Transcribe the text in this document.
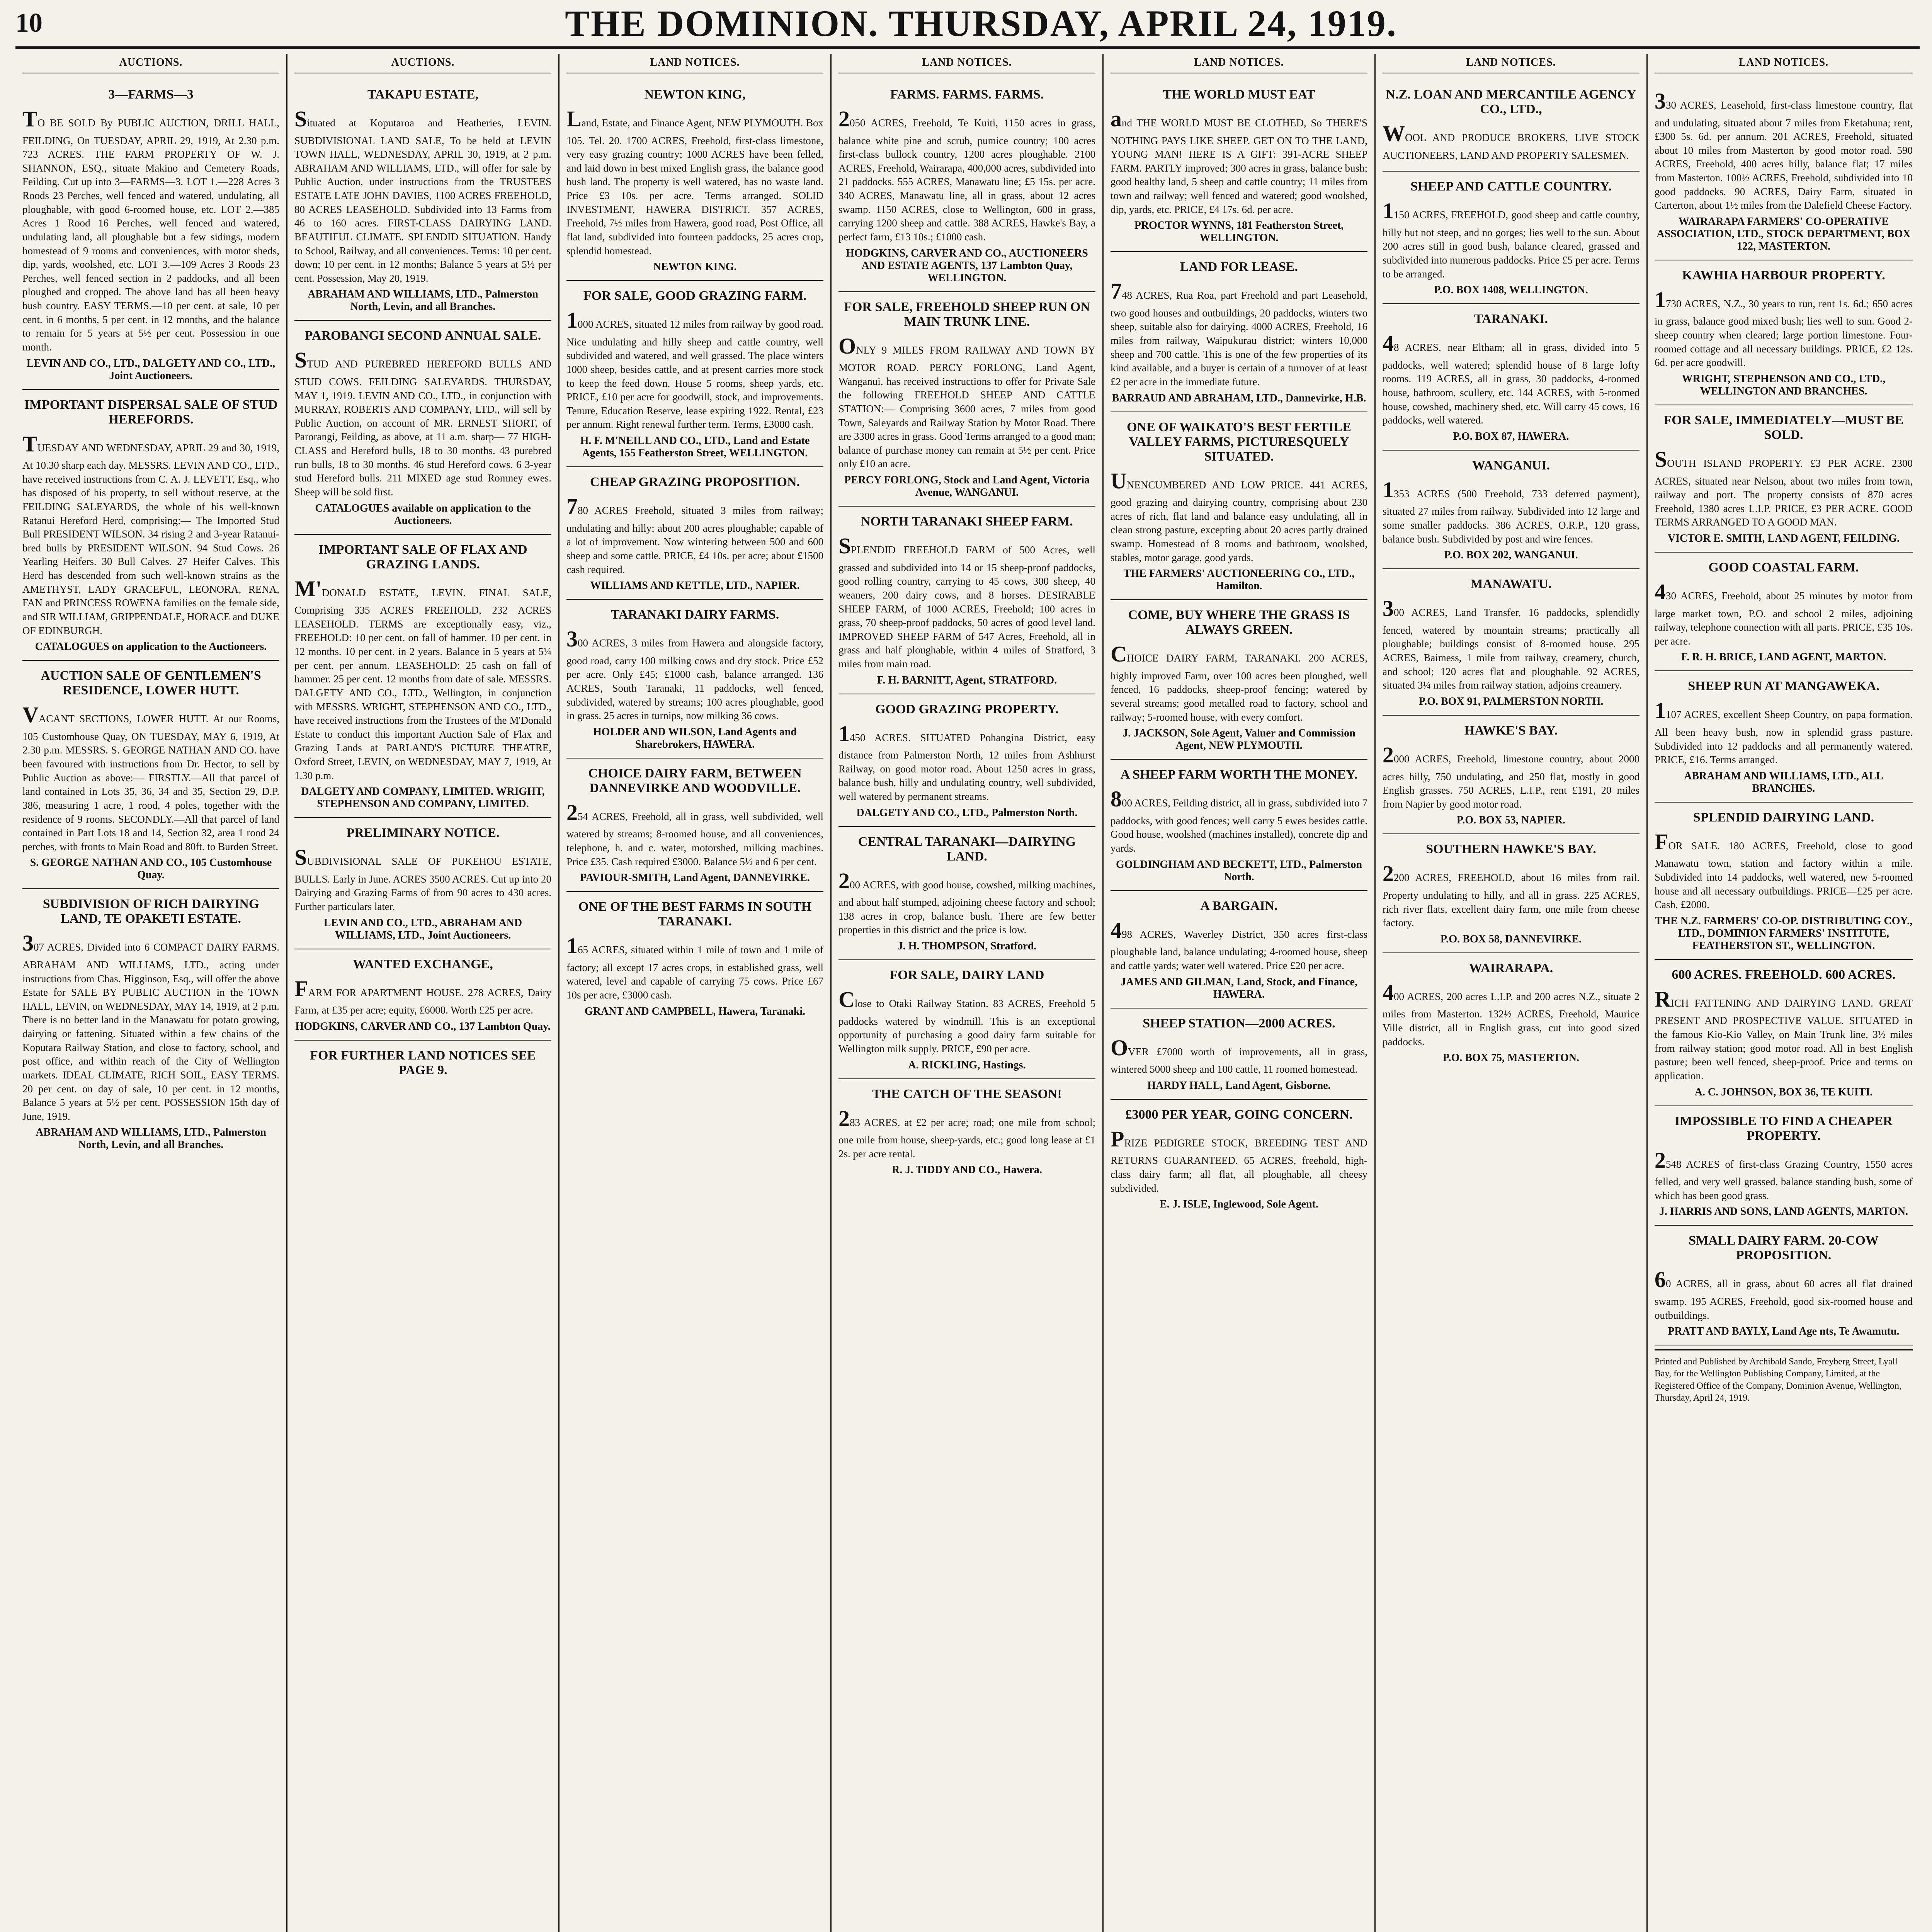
10	THE DOMINION. THURSDAY, APRIL 24, 1919.
AUCTIONS.
3—FARMS—3
TO BE SOLD By PUBLIC AUCTION, DRILL HALL, FEILDING, On TUESDAY, APRIL 29, 1919, At 2.30 p.m. 723 ACRES. THE FARM PROPERTY OF W. J. SHANNON, ESQ., situate Makino and Cemetery Roads, Feilding. Cut up into 3—FARMS—3. LOT 1.—228 Acres 3 Roods 23 Perches, well fenced and watered, undulating, all ploughable, with good 6-roomed house, etc. LOT 2.—385 Acres 1 Rood 16 Perches, well fenced and watered, undulating land, all ploughable but a few sidings, modern homestead of 9 rooms and conveniences, with motor sheds, dip, yards, woolshed, etc. LOT 3.—109 Acres 3 Roods 23 Perches, well fenced section in 2 paddocks, and all been ploughed and cropped. The above land has all been heavy bush country. EASY TERMS.—10 per cent. at sale, 10 per cent. in 6 months, 5 per cent. in 12 months, and the balance to remain for 5 years at 5½ per cent. Possession in one month.
LEVIN AND CO., LTD., DALGETY AND CO., LTD., Joint Auctioneers.
IMPORTANT DISPERSAL SALE OF STUD HEREFORDS.
TUESDAY AND WEDNESDAY, APRIL 29 and 30, 1919, At 10.30 sharp each day. MESSRS. LEVIN AND CO., LTD., have received instructions from C. A. J. LEVETT, Esq., who has disposed of his property, to sell without reserve, at the FEILDING SALEYARDS, the whole of his well-known Ratanui Hereford Herd, comprising:— The Imported Stud Bull PRESIDENT WILSON. 34 rising 2 and 3-year Ratanui-bred bulls by PRESIDENT WILSON. 94 Stud Cows. 26 Yearling Heifers. 30 Bull Calves. 27 Heifer Calves. This Herd has descended from such well-known strains as the AMETHYST, LADY GRACEFUL, LEONORA, RENA, FAN and PRINCESS ROWENA families on the female side, and SIR WILLIAM, GRIPPENDALE, HORACE and DUKE OF EDINBURGH.
CATALOGUES on application to the Auctioneers.
AUCTION SALE OF GENTLEMEN'S RESIDENCE, LOWER HUTT.
VACANT SECTIONS, LOWER HUTT. At our Rooms, 105 Customhouse Quay, ON TUESDAY, MAY 6, 1919, At 2.30 p.m. MESSRS. S. GEORGE NATHAN AND CO. have been favoured with instructions from Dr. Hector, to sell by Public Auction as above:— FIRSTLY.—All that parcel of land contained in Lots 35, 36, 34 and 35, Section 29, D.P. 386, measuring 1 acre, 1 rood, 4 poles, together with the residence of 9 rooms. SECONDLY.—All that parcel of land contained in Part Lots 18 and 14, Section 32, area 1 rood 24 perches, with fronts to Main Road and 80ft. to Burden Street.
S. GEORGE NATHAN AND CO., 105 Customhouse Quay.
SUBDIVISION OF RICH DAIRYING LAND, TE OPAKETI ESTATE.
307 ACRES, Divided into 6 COMPACT DAIRY FARMS. ABRAHAM AND WILLIAMS, LTD., acting under instructions from Chas. Higginson, Esq., will offer the above Estate for SALE BY PUBLIC AUCTION in the TOWN HALL, LEVIN, on WEDNESDAY, MAY 14, 1919, at 2 p.m. There is no better land in the Manawatu for potato growing, dairying or fattening. Situated within a few chains of the Koputara Railway Station, and close to factory, school, and post office, and within reach of the City of Wellington markets. IDEAL CLIMATE, RICH SOIL, EASY TERMS. 20 per cent. on day of sale, 10 per cent. in 12 months, Balance 5 years at 5½ per cent. POSSESSION 15th day of June, 1919.
ABRAHAM AND WILLIAMS, LTD., Palmerston North, Levin, and all Branches.
AUCTIONS.
TAKAPU ESTATE,
Situated at Koputaroa and Heatheries, LEVIN. SUBDIVISIONAL LAND SALE, To be held at LEVIN TOWN HALL, WEDNESDAY, APRIL 30, 1919, at 2 p.m. ABRAHAM AND WILLIAMS, LTD., will offer for sale by Public Auction, under instructions from the TRUSTEES ESTATE LATE JOHN DAVIES, 1100 ACRES FREEHOLD, 80 ACRES LEASEHOLD. Subdivided into 13 Farms from 46 to 160 acres. FIRST-CLASS DAIRYING LAND. BEAUTIFUL CLIMATE. SPLENDID SITUATION. Handy to School, Railway, and all conveniences. Terms: 10 per cent. down; 10 per cent. in 12 months; Balance 5 years at 5½ per cent. Possession, May 20, 1919.
ABRAHAM AND WILLIAMS, LTD., Palmerston North, Levin, and all Branches.
PAROBANGI SECOND ANNUAL SALE.
STUD AND PUREBRED HEREFORD BULLS AND STUD COWS. FEILDING SALEYARDS. THURSDAY, MAY 1, 1919. LEVIN AND CO., LTD., in conjunction with MURRAY, ROBERTS AND COMPANY, LTD., will sell by Public Auction, on account of MR. ERNEST SHORT, of Parorangi, Feilding, as above, at 11 a.m. sharp— 77 HIGH-CLASS and Hereford bulls, 18 to 30 months. 43 purebred run bulls, 18 to 30 months. 46 stud Hereford cows. 6 3-year stud Hereford bulls. 211 MIXED age stud Romney ewes. Sheep will be sold first.
CATALOGUES available on application to the Auctioneers.
IMPORTANT SALE OF FLAX AND GRAZING LANDS.
M'DONALD ESTATE, LEVIN. FINAL SALE, Comprising 335 ACRES FREEHOLD, 232 ACRES LEASEHOLD. TERMS are exceptionally easy, viz., FREEHOLD: 10 per cent. on fall of hammer. 10 per cent. in 12 months. 10 per cent. in 2 years. Balance in 5 years at 5¼ per cent. per annum. LEASEHOLD: 25 cash on fall of hammer. 25 per cent. 12 months from date of sale. MESSRS. DALGETY AND CO., LTD., Wellington, in conjunction with MESSRS. WRIGHT, STEPHENSON AND CO., LTD., have received instructions from the Trustees of the M'Donald Estate to conduct this important Auction Sale of Flax and Grazing Lands at PARLAND'S PICTURE THEATRE, Oxford Street, LEVIN, on WEDNESDAY, MAY 7, 1919, At 1.30 p.m.
DALGETY AND COMPANY, LIMITED. WRIGHT, STEPHENSON AND COMPANY, LIMITED.
PRELIMINARY NOTICE.
SUBDIVISIONAL SALE OF PUKEHOU ESTATE, BULLS. Early in June. ACRES 3500 ACRES. Cut up into 20 Dairying and Grazing Farms of from 90 acres to 430 acres. Further particulars later.
LEVIN AND CO., LTD., ABRAHAM AND WILLIAMS, LTD., Joint Auctioneers.
WANTED EXCHANGE,
FARM FOR APARTMENT HOUSE. 278 ACRES, Dairy Farm, at £35 per acre; equity, £6000. Worth £25 per acre.
HODGKINS, CARVER AND CO., 137 Lambton Quay.
FOR FURTHER LAND NOTICES SEE PAGE 9.
LAND NOTICES.
NEWTON KING,
Land, Estate, and Finance Agent, NEW PLYMOUTH. Box 105. Tel. 20. 1700 ACRES, Freehold, first-class limestone, very easy grazing country; 1000 ACRES have been felled, and laid down in best mixed English grass, the balance good bush land. The property is well watered, has no waste land. Price £3 10s. per acre. Terms arranged. SOLID INVESTMENT, HAWERA DISTRICT. 357 ACRES, Freehold, 7½ miles from Hawera, good road, Post Office, all flat land, subdivided into fourteen paddocks, 25 acres crop, splendid homestead.
NEWTON KING.
FOR SALE, GOOD GRAZING FARM.
1000 ACRES, situated 12 miles from railway by good road. Nice undulating and hilly sheep and cattle country, well subdivided and watered, and well grassed. The place winters 1000 sheep, besides cattle, and at present carries more stock to keep the feed down. House 5 rooms, sheep yards, etc. PRICE, £10 per acre for goodwill, stock, and improvements. Tenure, Education Reserve, lease expiring 1922. Rental, £23 per annum. Right renewal further term. Terms, £3000 cash.
H. F. M'NEILL AND CO., LTD., Land and Estate Agents, 155 Featherston Street, WELLINGTON.
CHEAP GRAZING PROPOSITION.
780 ACRES Freehold, situated 3 miles from railway; undulating and hilly; about 200 acres ploughable; capable of a lot of improvement. Now wintering between 500 and 600 sheep and some cattle. PRICE, £4 10s. per acre; about £1500 cash required.
WILLIAMS AND KETTLE, LTD., NAPIER.
TARANAKI DAIRY FARMS.
300 ACRES, 3 miles from Hawera and alongside factory, good road, carry 100 milking cows and dry stock. Price £52 per acre. Only £45; £1000 cash, balance arranged. 136 ACRES, South Taranaki, 11 paddocks, well fenced, subdivided, watered by streams; 100 acres ploughable, good in grass. 25 acres in turnips, now milking 36 cows.
HOLDER AND WILSON, Land Agents and Sharebrokers, HAWERA.
CHOICE DAIRY FARM, BETWEEN DANNEVIRKE AND WOODVILLE.
254 ACRES, Freehold, all in grass, well subdivided, well watered by streams; 8-roomed house, and all conveniences, telephone, h. and c. water, motorshed, milking machines. Price £35. Cash required £3000. Balance 5½ and 6 per cent.
PAVIOUR-SMITH, Land Agent, DANNEVIRKE.
ONE OF THE BEST FARMS IN SOUTH TARANAKI.
165 ACRES, situated within 1 mile of town and 1 mile of factory; all except 17 acres crops, in established grass, well watered, level and capable of carrying 75 cows. Price £67 10s per acre, £3000 cash.
GRANT AND CAMPBELL, Hawera, Taranaki.
LAND NOTICES.
FARMS. FARMS. FARMS.
2050 ACRES, Freehold, Te Kuiti, 1150 acres in grass, balance white pine and scrub, pumice country; 100 acres first-class bullock country, 1200 acres ploughable. 2100 ACRES, Freehold, Wairarapa, 400,000 acres, subdivided into 21 paddocks. 555 ACRES, Manawatu line; £5 15s. per acre. 340 ACRES, Manawatu line, all in grass, about 12 acres swamp. 1150 ACRES, close to Wellington, 600 in grass, carrying 1200 sheep and cattle. 388 ACRES, Hawke's Bay, a perfect farm, £13 10s.; £1000 cash.
HODGKINS, CARVER AND CO., AUCTIONEERS AND ESTATE AGENTS, 137 Lambton Quay, WELLINGTON.
FOR SALE, FREEHOLD SHEEP RUN ON MAIN TRUNK LINE.
ONLY 9 MILES FROM RAILWAY AND TOWN BY MOTOR ROAD. PERCY FORLONG, Land Agent, Wanganui, has received instructions to offer for Private Sale the following FREEHOLD SHEEP AND CATTLE STATION:— Comprising 3600 acres, 7 miles from good Town, Saleyards and Railway Station by Motor Road. There are 3300 acres in grass. Good Terms arranged to a good man; balance of purchase money can remain at 5½ per cent. Price only £10 an acre.
PERCY FORLONG, Stock and Land Agent, Victoria Avenue, WANGANUI.
NORTH TARANAKI SHEEP FARM.
SPLENDID FREEHOLD FARM of 500 Acres, well grassed and subdivided into 14 or 15 sheep-proof paddocks, good rolling country, carrying to 45 cows, 300 sheep, 40 weaners, 200 dairy cows, and 8 horses. DESIRABLE SHEEP FARM, of 1000 ACRES, Freehold; 100 acres in grass, 70 sheep-proof paddocks, 50 acres of good level land. IMPROVED SHEEP FARM of 547 Acres, Freehold, all in grass and half ploughable, within 4 miles of Stratford, 3 miles from main road.
F. H. BARNITT, Agent, STRATFORD.
GOOD GRAZING PROPERTY.
1450 ACRES. SITUATED Pohangina District, easy distance from Palmerston North, 12 miles from Ashhurst Railway, on good motor road. About 1250 acres in grass, balance bush, hilly and undulating country, well subdivided, well watered by permanent streams.
DALGETY AND CO., LTD., Palmerston North.
CENTRAL TARANAKI—DAIRYING LAND.
200 ACRES, with good house, cowshed, milking machines, and about half stumped, adjoining cheese factory and school; 138 acres in crop, balance bush. There are few better properties in this district and the price is low.
J. H. THOMPSON, Stratford.
FOR SALE, DAIRY LAND
Close to Otaki Railway Station. 83 ACRES, Freehold 5 paddocks watered by windmill. This is an exceptional opportunity of purchasing a good dairy farm suitable for Wellington milk supply. PRICE, £90 per acre.
A. RICKLING, Hastings.
THE CATCH OF THE SEASON!
283 ACRES, at £2 per acre; road; one mile from school; one mile from house, sheep-yards, etc.; good long lease at £1 2s. per acre rental.
R. J. TIDDY AND CO., Hawera.
LAND NOTICES.
THE WORLD MUST EAT
and THE WORLD MUST BE CLOTHED, So THERE'S NOTHING PAYS LIKE SHEEP. GET ON TO THE LAND, YOUNG MAN! HERE IS A GIFT: 391-ACRE SHEEP FARM. PARTLY improved; 300 acres in grass, balance bush; good healthy land, 5 sheep and cattle country; 11 miles from town and railway; well fenced and watered; good woolshed, dip, yards, etc. PRICE, £4 17s. 6d. per acre.
PROCTOR WYNNS, 181 Featherston Street, WELLINGTON.
LAND FOR LEASE.
748 ACRES, Rua Roa, part Freehold and part Leasehold, two good houses and outbuildings, 20 paddocks, winters two sheep, suitable also for dairying. 4000 ACRES, Freehold, 16 miles from railway, Waipukurau district; winters 10,000 sheep and 700 cattle. This is one of the few properties of its kind available, and a buyer is certain of a turnover of at least £2 per acre in the immediate future.
BARRAUD AND ABRAHAM, LTD., Dannevirke, H.B.
ONE OF WAIKATO'S BEST FERTILE VALLEY FARMS, PICTURESQUELY SITUATED.
UNENCUMBERED AND LOW PRICE. 441 ACRES, good grazing and dairying country, comprising about 230 acres of rich, flat land and balance easy undulating, all in clean strong pasture, excepting about 20 acres partly drained swamp. Homestead of 8 rooms and bathroom, woolshed, stables, motor garage, good yards.
THE FARMERS' AUCTIONEERING CO., LTD., Hamilton.
COME, BUY WHERE THE GRASS IS ALWAYS GREEN.
CHOICE DAIRY FARM, TARANAKI. 200 ACRES, highly improved Farm, over 100 acres been ploughed, well fenced, 16 paddocks, sheep-proof fencing; watered by several streams; good metalled road to factory, school and railway; 5-roomed house, with every comfort.
J. JACKSON, Sole Agent, Valuer and Commission Agent, NEW PLYMOUTH.
A SHEEP FARM WORTH THE MONEY.
800 ACRES, Feilding district, all in grass, subdivided into 7 paddocks, with good fences; well carry 5 ewes besides cattle. Good house, woolshed (machines installed), concrete dip and yards.
GOLDINGHAM AND BECKETT, LTD., Palmerston North.
A BARGAIN.
498 ACRES, Waverley District, 350 acres first-class ploughable land, balance undulating; 4-roomed house, sheep and cattle yards; water well watered. Price £20 per acre.
JAMES AND GILMAN, Land, Stock, and Finance, HAWERA.
SHEEP STATION—2000 ACRES.
OVER £7000 worth of improvements, all in grass, wintered 5000 sheep and 100 cattle, 11 roomed homestead.
HARDY HALL, Land Agent, Gisborne.
£3000 PER YEAR, GOING CONCERN.
PRIZE PEDIGREE STOCK, BREEDING TEST AND RETURNS GUARANTEED. 65 ACRES, freehold, high-class dairy farm; all flat, all ploughable, all cheesy subdivided.
E. J. ISLE, Inglewood, Sole Agent.
LAND NOTICES.
N.Z. LOAN AND MERCANTILE AGENCY CO., LTD.,
WOOL AND PRODUCE BROKERS, LIVE STOCK AUCTIONEERS, LAND AND PROPERTY SALESMEN.
SHEEP AND CATTLE COUNTRY.
1150 ACRES, FREEHOLD, good sheep and cattle country, hilly but not steep, and no gorges; lies well to the sun. About 200 acres still in good bush, balance cleared, grassed and subdivided into numerous paddocks. Price £5 per acre. Terms to be arranged.
P.O. BOX 1408, WELLINGTON.
TARANAKI.
48 ACRES, near Eltham; all in grass, divided into 5 paddocks, well watered; splendid house of 8 large lofty rooms. 119 ACRES, all in grass, 30 paddocks, 4-roomed house, bathroom, scullery, etc. 144 ACRES, with 5-roomed house, cowshed, machinery shed, etc. Will carry 45 cows, 16 paddocks, well watered.
P.O. BOX 87, HAWERA.
WANGANUI.
1353 ACRES (500 Freehold, 733 deferred payment), situated 27 miles from railway. Subdivided into 12 large and some smaller paddocks. 386 ACRES, O.R.P., 120 grass, balance bush. Subdivided by post and wire fences.
P.O. BOX 202, WANGANUI.
MANAWATU.
300 ACRES, Land Transfer, 16 paddocks, splendidly fenced, watered by mountain streams; practically all ploughable; buildings consist of 8-roomed house. 295 ACRES, Baimess, 1 mile from railway, creamery, church, and school; 120 acres flat and ploughable. 92 ACRES, situated 3¼ miles from railway station, adjoins creamery.
P.O. BOX 91, PALMERSTON NORTH.
HAWKE'S BAY.
2000 ACRES, Freehold, limestone country, about 2000 acres hilly, 750 undulating, and 250 flat, mostly in good English grasses. 750 ACRES, L.I.P., rent £191, 20 miles from Napier by good motor road.
P.O. BOX 53, NAPIER.
SOUTHERN HAWKE'S BAY.
2200 ACRES, FREEHOLD, about 16 miles from rail. Property undulating to hilly, and all in grass. 225 ACRES, rich river flats, excellent dairy farm, one mile from cheese factory.
P.O. BOX 58, DANNEVIRKE.
WAIRARAPA.
400 ACRES, 200 acres L.I.P. and 200 acres N.Z., situate 2 miles from Masterton. 132½ ACRES, Freehold, Maurice Ville district, all in English grass, cut into good sized paddocks.
P.O. BOX 75, MASTERTON.
LAND NOTICES.
330 ACRES, Leasehold, first-class limestone country, flat and undulating, situated about 7 miles from Eketahuna; rent, £300 5s. 6d. per annum. 201 ACRES, Freehold, situated about 10 miles from Masterton by good motor road. 590 ACRES, Freehold, 400 acres hilly, balance flat; 17 miles from Masterton. 100½ ACRES, Freehold, subdivided into 10 good paddocks. 90 ACRES, Dairy Farm, situated in Carterton, about 1½ miles from the Dalefield Cheese Factory.
WAIRARAPA FARMERS' CO-OPERATIVE ASSOCIATION, LTD., STOCK DEPARTMENT, BOX 122, MASTERTON.
KAWHIA HARBOUR PROPERTY.
1730 ACRES, N.Z., 30 years to run, rent 1s. 6d.; 650 acres in grass, balance good mixed bush; lies well to sun. Good 2-sheep country when cleared; large portion limestone. Four-roomed cottage and all necessary buildings. PRICE, £2 12s. 6d. per acre goodwill.
WRIGHT, STEPHENSON AND CO., LTD., WELLINGTON AND BRANCHES.
FOR SALE, IMMEDIATELY—MUST BE SOLD.
SOUTH ISLAND PROPERTY. £3 PER ACRE. 2300 ACRES, situated near Nelson, about two miles from town, railway and port. The property consists of 870 acres Freehold, 1380 acres L.I.P. PRICE, £3 PER ACRE. GOOD TERMS ARRANGED TO A GOOD MAN.
VICTOR E. SMITH, LAND AGENT, FEILDING.
GOOD COASTAL FARM.
430 ACRES, Freehold, about 25 minutes by motor from large market town, P.O. and school 2 miles, adjoining railway, telephone connection with all parts. PRICE, £35 10s. per acre.
F. R. H. BRICE, LAND AGENT, MARTON.
SHEEP RUN AT MANGAWEKA.
1107 ACRES, excellent Sheep Country, on papa formation. All been heavy bush, now in splendid grass pasture. Subdivided into 12 paddocks and all permanently watered. PRICE, £16. Terms arranged.
ABRAHAM AND WILLIAMS, LTD., ALL BRANCHES.
SPLENDID DAIRYING LAND.
FOR SALE. 180 ACRES, Freehold, close to good Manawatu town, station and factory within a mile. Subdivided into 14 paddocks, well watered, new 5-roomed house and all necessary outbuildings. PRICE—£25 per acre. Cash, £2000.
THE N.Z. FARMERS' CO-OP. DISTRIBUTING COY., LTD., DOMINION FARMERS' INSTITUTE, FEATHERSTON ST., WELLINGTON.
600 ACRES. FREEHOLD. 600 ACRES.
RICH FATTENING AND DAIRYING LAND. GREAT PRESENT AND PROSPECTIVE VALUE. SITUATED in the famous Kio-Kio Valley, on Main Trunk line, 3½ miles from railway station; good motor road. All in best English pasture; been well fenced, sheep-proof. Price and terms on application.
A. C. JOHNSON, BOX 36, TE KUITI.
IMPOSSIBLE TO FIND A CHEAPER PROPERTY.
2548 ACRES of first-class Grazing Country, 1550 acres felled, and very well grassed, balance standing bush, some of which has been good grass.
J. HARRIS AND SONS, LAND AGENTS, MARTON.
SMALL DAIRY FARM. 20-COW PROPOSITION.
60 ACRES, all in grass, about 60 acres all flat drained swamp. 195 ACRES, Freehold, good six-roomed house and outbuildings.
PRATT AND BAYLY, Land Age nts, Te Awamutu.
Printed and Published by Archibald Sando, Freyberg Street, Lyall Bay, for the Wellington Publishing Company, Limited, at the Registered Office of the Company, Dominion Avenue, Wellington, Thursday, April 24, 1919.
